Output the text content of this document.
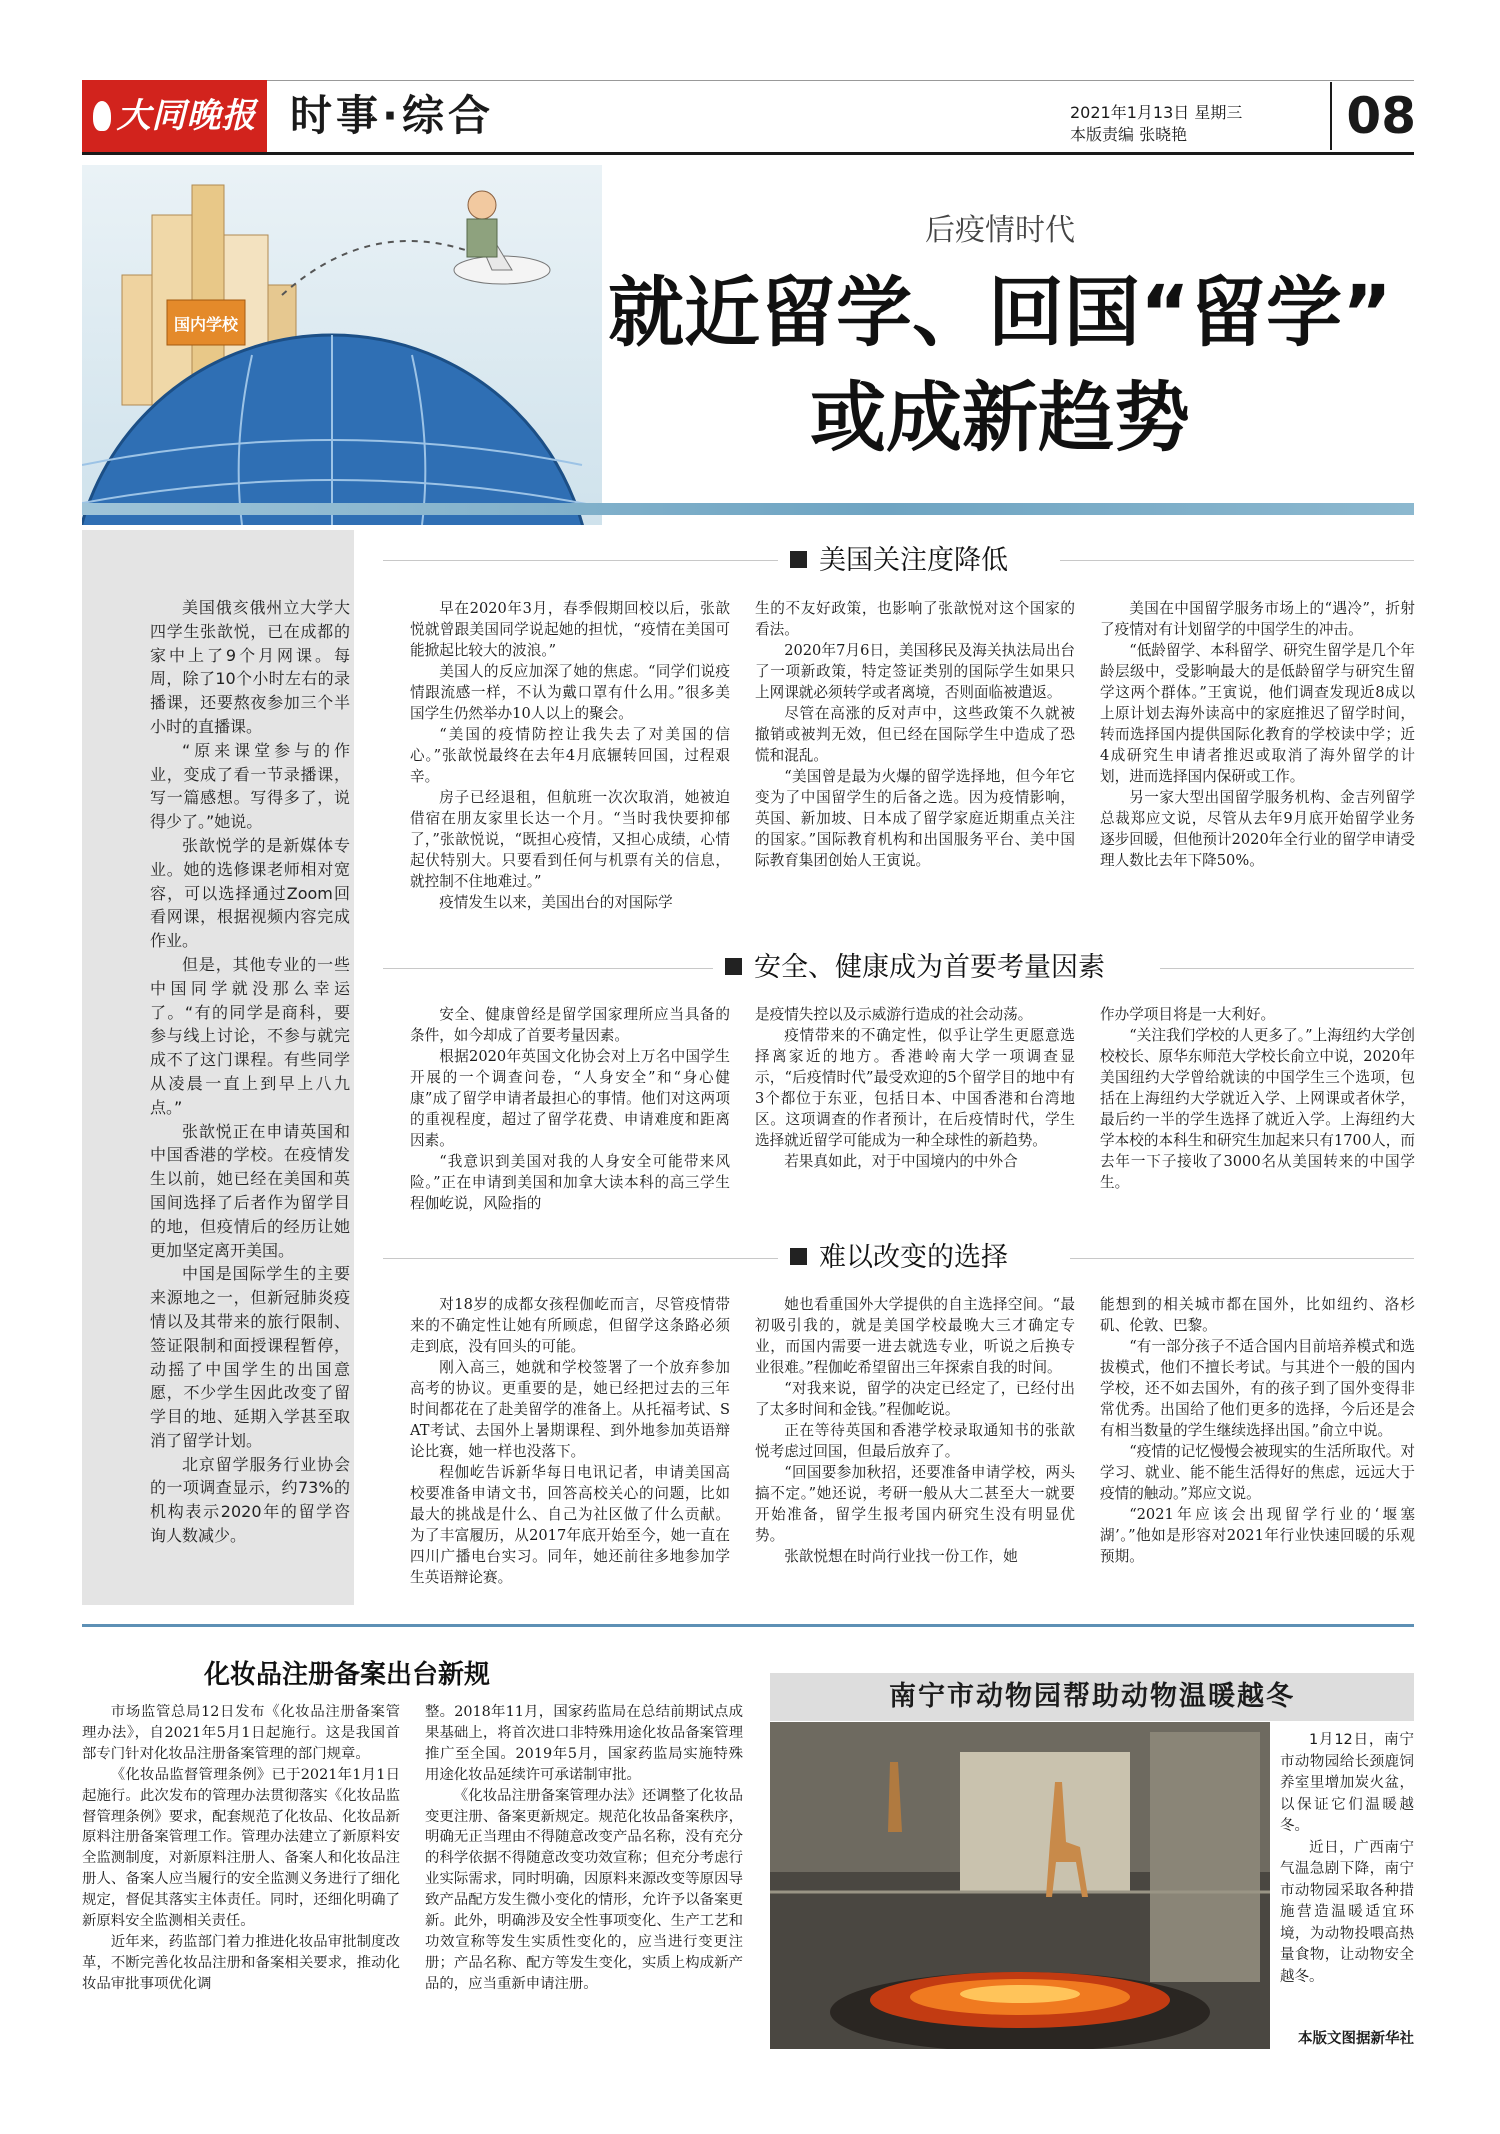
大同晚报 时事·综合	2021年1月13日 星期三
本版责编 张晓艳	08
国内学校
后疫情时代
就近留学、回国“留学”
或成新趋势

美国俄亥俄州立大学大四学生张歆悦，已在成都的家中上了9个月网课。每周，除了10个小时左右的录播课，还要熬夜参加三个半小时的直播课。

“原来课堂参与的作业，变成了看一节录播课，写一篇感想。写得多了，说得少了。”她说。

张歆悦学的是新媒体专业。她的选修课老师相对宽容，可以选择通过Zoom回看网课，根据视频内容完成作业。

但是，其他专业的一些中国同学就没那么幸运了。“有的同学是商科，要参与线上讨论，不参与就完成不了这门课程。有些同学从凌晨一直上到早上八九点。”

张歆悦正在申请英国和中国香港的学校。在疫情发生以前，她已经在美国和英国间选择了后者作为留学目的地，但疫情后的经历让她更加坚定离开美国。

中国是国际学生的主要来源地之一，但新冠肺炎疫情以及其带来的旅行限制、签证限制和面授课程暂停，动摇了中国学生的出国意愿，不少学生因此改变了留学目的地、延期入学甚至取消了留学计划。

北京留学服务行业协会的一项调查显示，约73%的机构表示2020年的留学咨询人数减少。

美国关注度降低

早在2020年3月，春季假期回校以后，张歆悦就曾跟美国同学说起她的担忧，“疫情在美国可能掀起比较大的波浪。”

美国人的反应加深了她的焦虑。“同学们说疫情跟流感一样，不认为戴口罩有什么用。”很多美国学生仍然举办10人以上的聚会。

“美国的疫情防控让我失去了对美国的信心。”张歆悦最终在去年4月底辗转回国，过程艰辛。

房子已经退租，但航班一次次取消，她被迫借宿在朋友家里长达一个月。“当时我快要抑郁了，”张歆悦说，“既担心疫情，又担心成绩，心情起伏特别大。只要看到任何与机票有关的信息，就控制不住地难过。”

疫情发生以来，美国出台的对国际学

生的不友好政策，也影响了张歆悦对这个国家的看法。

2020年7月6日，美国移民及海关执法局出台了一项新政策，特定签证类别的国际学生如果只上网课就必须转学或者离境，否则面临被遣返。

尽管在高涨的反对声中，这些政策不久就被撤销或被判无效，但已经在国际学生中造成了恐慌和混乱。

“美国曾是最为火爆的留学选择地，但今年它变为了中国留学生的后备之选。因为疫情影响，英国、新加坡、日本成了留学家庭近期重点关注的国家。”国际教育机构和出国服务平台、美中国际教育集团创始人王寅说。

美国在中国留学服务市场上的“遇冷”，折射了疫情对有计划留学的中国学生的冲击。

“低龄留学、本科留学、研究生留学是几个年龄层级中，受影响最大的是低龄留学与研究生留学这两个群体。”王寅说，他们调查发现近8成以上原计划去海外读高中的家庭推迟了留学时间，转而选择国内提供国际化教育的学校读中学；近4成研究生申请者推迟或取消了海外留学的计划，进而选择国内保研或工作。

另一家大型出国留学服务机构、金吉列留学总裁郑应文说，尽管从去年9月底开始留学业务逐步回暖，但他预计2020年全行业的留学申请受理人数比去年下降50%。

安全、健康成为首要考量因素

安全、健康曾经是留学国家理所应当具备的条件，如今却成了首要考量因素。

根据2020年英国文化协会对上万名中国学生开展的一个调查问卷，“人身安全”和“身心健康”成了留学申请者最担心的事情。他们对这两项的重视程度，超过了留学花费、申请难度和距离因素。

“我意识到美国对我的人身安全可能带来风险。”正在申请到美国和加拿大读本科的高三学生程伽屹说，风险指的

是疫情失控以及示威游行造成的社会动荡。

疫情带来的不确定性，似乎让学生更愿意选择离家近的地方。香港岭南大学一项调查显示，“后疫情时代”最受欢迎的5个留学目的地中有3个都位于东亚，包括日本、中国香港和台湾地区。这项调查的作者预计，在后疫情时代，学生选择就近留学可能成为一种全球性的新趋势。

若果真如此，对于中国境内的中外合

作办学项目将是一大利好。

“关注我们学校的人更多了。”上海纽约大学创校校长、原华东师范大学校长俞立中说，2020年美国纽约大学曾给就读的中国学生三个选项，包括在上海纽约大学就近入学、上网课或者休学，最后约一半的学生选择了就近入学。上海纽约大学本校的本科生和研究生加起来只有1700人，而去年一下子接收了3000名从美国转来的中国学生。

难以改变的选择

对18岁的成都女孩程伽屹而言，尽管疫情带来的不确定性让她有所顾虑，但留学这条路必须走到底，没有回头的可能。

刚入高三，她就和学校签署了一个放弃参加高考的协议。更重要的是，她已经把过去的三年时间都花在了赴美留学的准备上。从托福考试、SAT考试、去国外上暑期课程、到外地参加英语辩论比赛，她一样也没落下。

程伽屹告诉新华每日电讯记者，申请美国高校要准备申请文书，回答高校关心的问题，比如最大的挑战是什么、自己为社区做了什么贡献。为了丰富履历，从2017年底开始至今，她一直在四川广播电台实习。同年，她还前往多地参加学生英语辩论赛。

她也看重国外大学提供的自主选择空间。“最初吸引我的，就是美国学校最晚大三才确定专业，而国内需要一进去就选专业，听说之后换专业很难。”程伽屹希望留出三年探索自我的时间。

“对我来说，留学的决定已经定了，已经付出了太多时间和金钱。”程伽屹说。

正在等待英国和香港学校录取通知书的张歆悦考虑过回国，但最后放弃了。

“回国要参加秋招，还要准备申请学校，两头搞不定。”她还说，考研一般从大二甚至大一就要开始准备，留学生报考国内研究生没有明显优势。

张歆悦想在时尚行业找一份工作，她

能想到的相关城市都在国外，比如纽约、洛杉矶、伦敦、巴黎。

“有一部分孩子不适合国内目前培养模式和选拔模式，他们不擅长考试。与其进个一般的国内学校，还不如去国外，有的孩子到了国外变得非常优秀。出国给了他们更多的选择，今后还是会有相当数量的学生继续选择出国。”俞立中说。

“疫情的记忆慢慢会被现实的生活所取代。对学习、就业、能不能生活得好的焦虑，远远大于疫情的触动。”郑应文说。

“2021年应该会出现留学行业的‘堰塞湖’。”他如是形容对2021年行业快速回暖的乐观预期。

化妆品注册备案出台新规

市场监管总局12日发布《化妆品注册备案管理办法》，自2021年5月1日起施行。这是我国首部专门针对化妆品注册备案管理的部门规章。

《化妆品监督管理条例》已于2021年1月1日起施行。此次发布的管理办法贯彻落实《化妆品监督管理条例》要求，配套规范了化妆品、化妆品新原料注册备案管理工作。管理办法建立了新原料安全监测制度，对新原料注册人、备案人和化妆品注册人、备案人应当履行的安全监测义务进行了细化规定，督促其落实主体责任。同时，还细化明确了新原料安全监测相关责任。

近年来，药监部门着力推进化妆品审批制度改革，不断完善化妆品注册和备案相关要求，推动化妆品审批事项优化调

整。2018年11月，国家药监局在总结前期试点成果基础上，将首次进口非特殊用途化妆品备案管理推广至全国。2019年5月，国家药监局实施特殊用途化妆品延续许可承诺制审批。

《化妆品注册备案管理办法》还调整了化妆品变更注册、备案更新规定。规范化妆品备案秩序，明确无正当理由不得随意改变产品名称，没有充分的科学依据不得随意改变功效宣称；但充分考虑行业实际需求，同时明确，因原料来源改变等原因导致产品配方发生微小变化的情形，允许予以备案更新。此外，明确涉及安全性事项变化、生产工艺和功效宣称等发生实质性变化的，应当进行变更注册；产品名称、配方等发生变化，实质上构成新产品的，应当重新申请注册。

南宁市动物园帮助动物温暖越冬

1月12日，南宁市动物园给长颈鹿饲养室里增加炭火盆，以保证它们温暖越冬。

近日，广西南宁气温急剧下降，南宁市动物园采取各种措施营造温暖适宜环境，为动物投喂高热量食物，让动物安全越冬。

本版文图据新华社
